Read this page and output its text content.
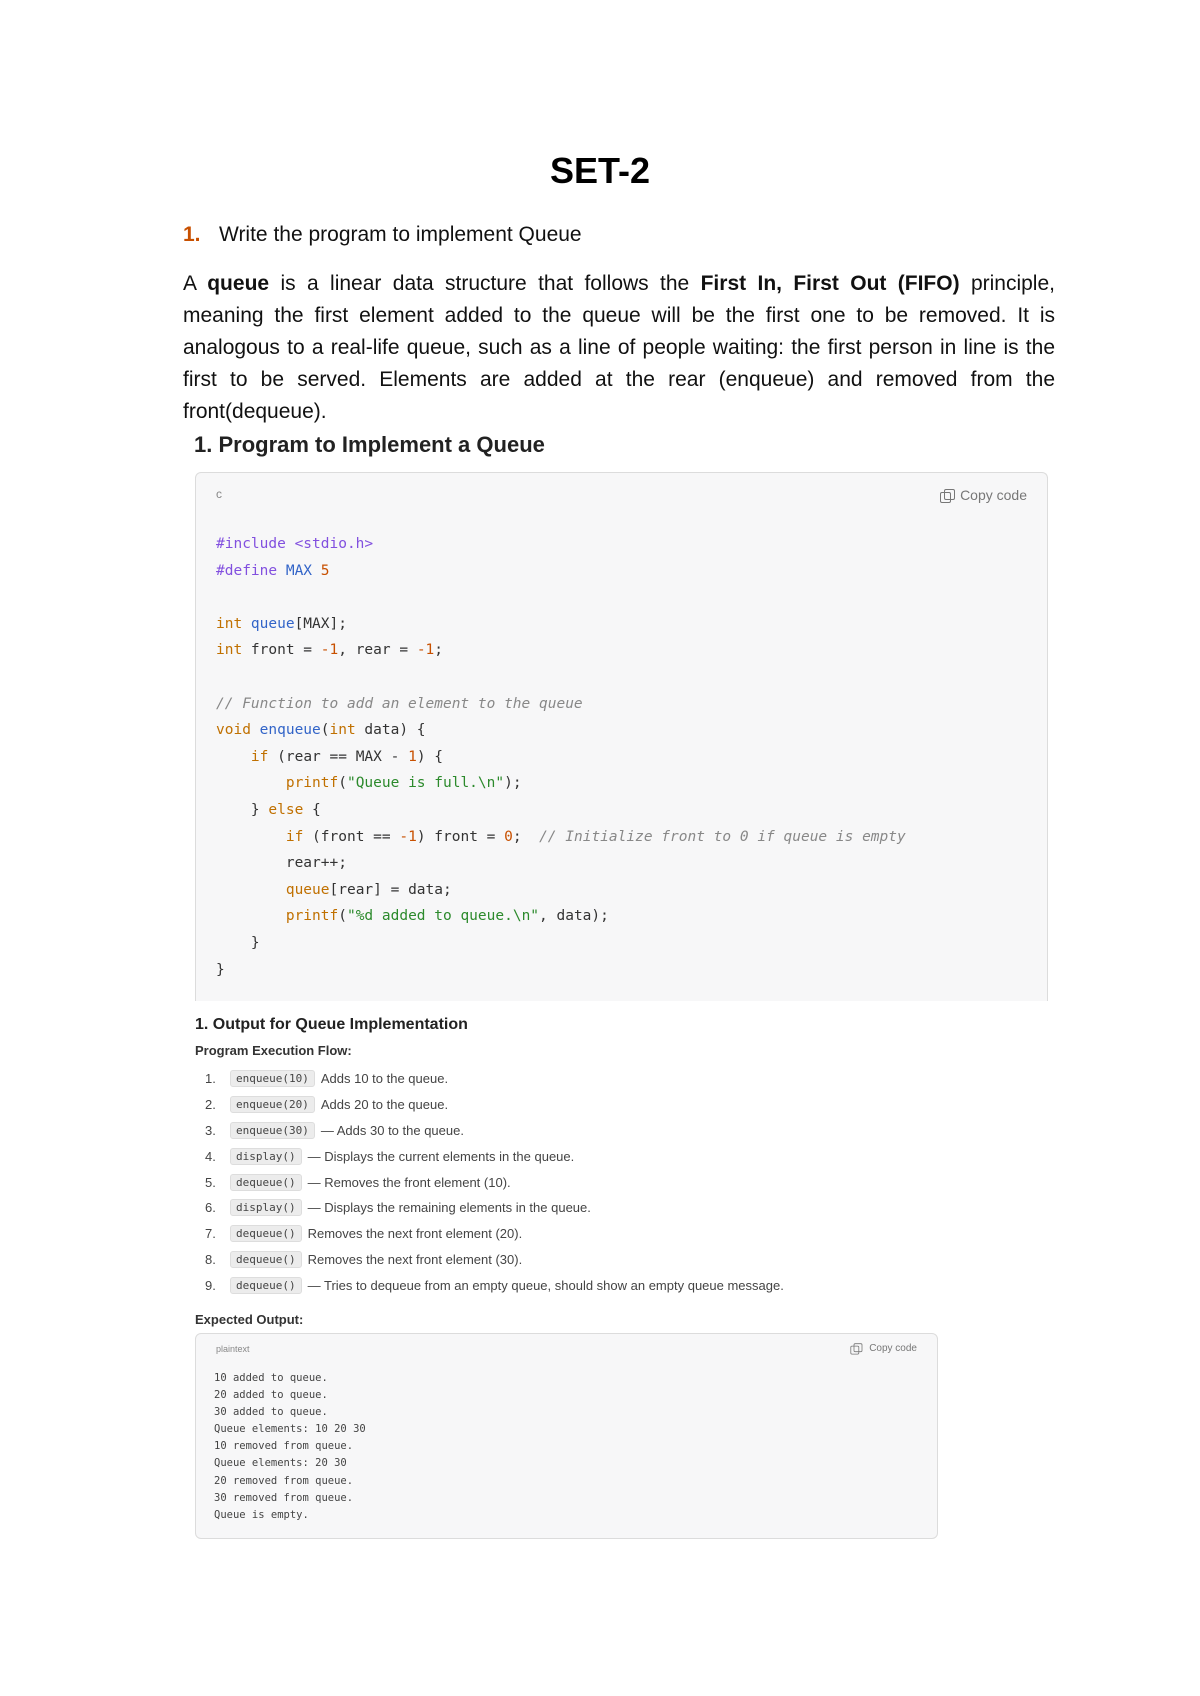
SET-2
1. Write the program to implement Queue
A queue is a linear data structure that follows the First In, First Out (FIFO) principle, meaning the first element added to the queue will be the first one to be removed. It is analogous to a real-life queue, such as a line of people waiting: the first person in line is the first to be served. Elements are added at the rear (enqueue) and removed from the front(dequeue).
1. Program to Implement a Queue
c	Copy code
#include <stdio.h>
#define MAX 5
int queue[MAX];
int front = -1, rear = -1;
// Function to add an element to the queue
void enqueue(int data) {
if (rear == MAX - 1) {
printf("Queue is full.\n");
} else {
if (front == -1) front = 0;  // Initialize front to 0 if queue is empty
rear++;
queue[rear] = data;
printf("%d added to queue.\n", data);
}
}
1. Output for Queue Implementation
Program Execution Flow:
1.	enqueue(10) Adds 10 to the queue.
2.	enqueue(20) Adds 20 to the queue.
3.	enqueue(30) — Adds 30 to the queue.
4.	display() — Displays the current elements in the queue.
5.	dequeue() — Removes the front element (10).
6.	display() — Displays the remaining elements in the queue.
7.	dequeue() Removes the next front element (20).
8.	dequeue() Removes the next front element (30).
9.	dequeue() — Tries to dequeue from an empty queue, should show an empty queue message.
Expected Output:
plaintext	Copy code
10 added to queue.
20 added to queue.
30 added to queue.
Queue elements: 10 20 30
10 removed from queue.
Queue elements: 20 30
20 removed from queue.
30 removed from queue.
Queue is empty.
